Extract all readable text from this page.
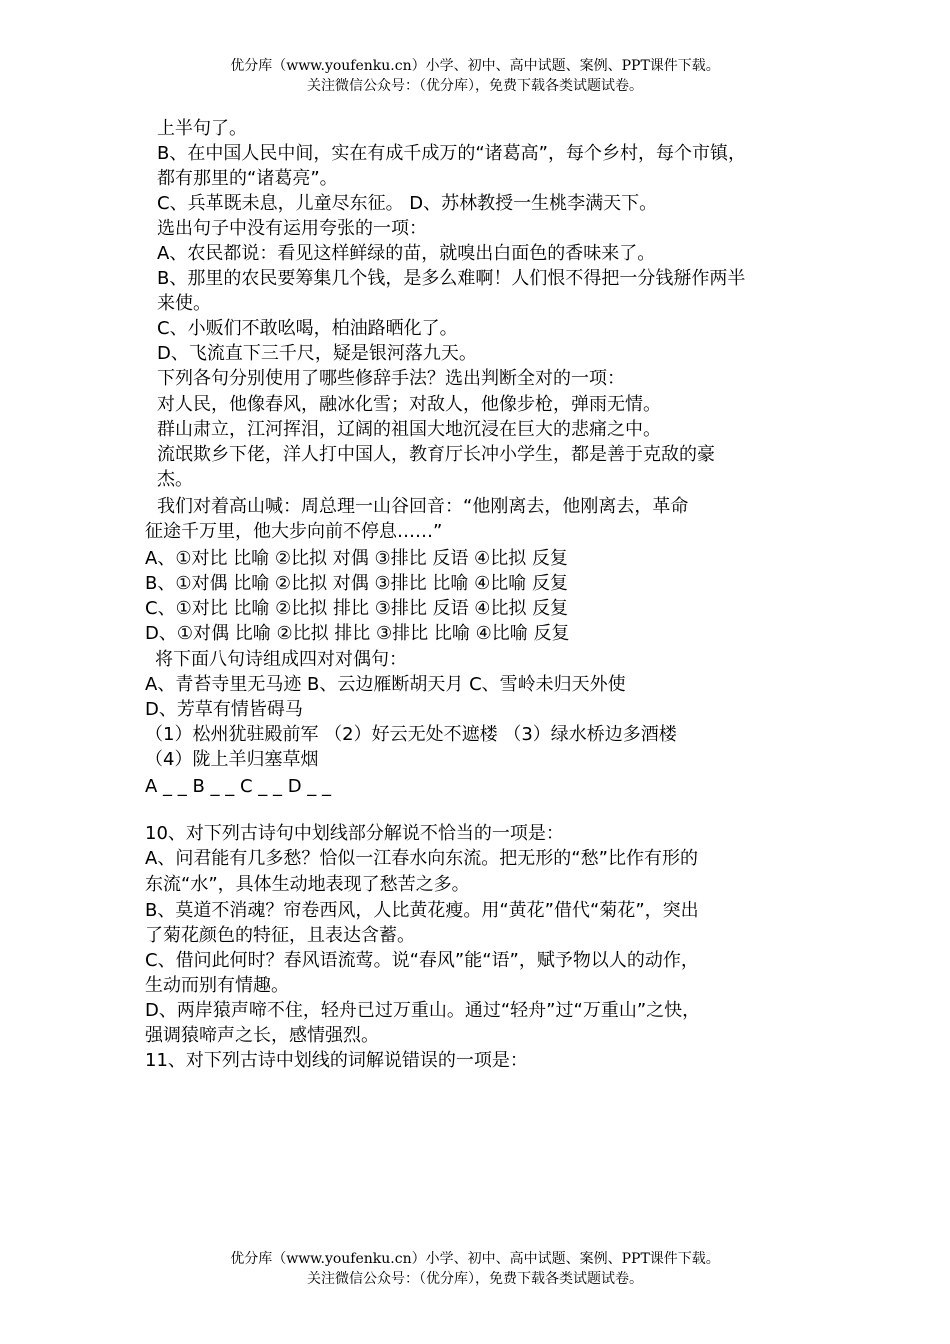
优分库（www.youfenku.cn）小学、初中、高中试题、案例、PPT课件下载。
关注微信公众号：（优分库），免费下载各类试题试卷。
上半句了。
B、在中国人民中间，实在有成千成万的“诸葛高”，每个乡村，每个市镇，
都有那里的“诸葛亮”。
C、兵革既未息，儿童尽东征。 D、苏林教授一生桃李满天下。
选出句子中没有运用夸张的一项：
A、农民都说：看见这样鲜绿的苗，就嗅出白面色的香味来了。
B、那里的农民要筹集几个钱，是多么难啊！人们恨不得把一分钱掰作两半
来使。
C、小贩们不敢吆喝，柏油路晒化了。
D、飞流直下三千尺，疑是银河落九天。
下列各句分别使用了哪些修辞手法？选出判断全对的一项：
对人民，他像春风，融冰化雪；对敌人，他像步枪，弹雨无情。
群山肃立，江河挥泪，辽阔的祖国大地沉浸在巨大的悲痛之中。
流氓欺乡下佬，洋人打中国人，教育厅长冲小学生，都是善于克敌的豪
杰。
我们对着高山喊：周总理一山谷回音：“他刚离去，他刚离去，革命
征途千万里，他大步向前不停息……”
A、①对比 比喻 ②比拟 对偶 ③排比 反语 ④比拟 反复
B、①对偶 比喻 ②比拟 对偶 ③排比 比喻 ④比喻 反复
C、①对比 比喻 ②比拟 排比 ③排比 反语 ④比拟 反复
D、①对偶 比喻 ②比拟 排比 ③排比 比喻 ④比喻 反复
将下面八句诗组成四对对偶句：
A、青苔寺里无马迹 B、云边雁断胡天月 C、雪岭未归天外使
D、芳草有情皆碍马
（1）松州犹驻殿前军 （2）好云无处不遮楼 （3）绿水桥边多酒楼
（4）陇上羊归塞草烟
A _ _ B _ _ C _ _ D _ _
10、对下列古诗句中划线部分解说不恰当的一项是：
A、问君能有几多愁？恰似一江春水向东流。把无形的“愁”比作有形的
东流“水”，具体生动地表现了愁苦之多。
B、莫道不消魂？帘卷西风，人比黄花瘦。用“黄花”借代“菊花”，突出
了菊花颜色的特征，且表达含蓄。
C、借问此何时？春风语流莺。说“春风”能“语”，赋予物以人的动作，
生动而别有情趣。
D、两岸猿声啼不住，轻舟已过万重山。通过“轻舟”过“万重山”之快，
强调猿啼声之长，感情强烈。
11、对下列古诗中划线的词解说错误的一项是：
优分库（www.youfenku.cn）小学、初中、高中试题、案例、PPT课件下载。
关注微信公众号：（优分库），免费下载各类试题试卷。
